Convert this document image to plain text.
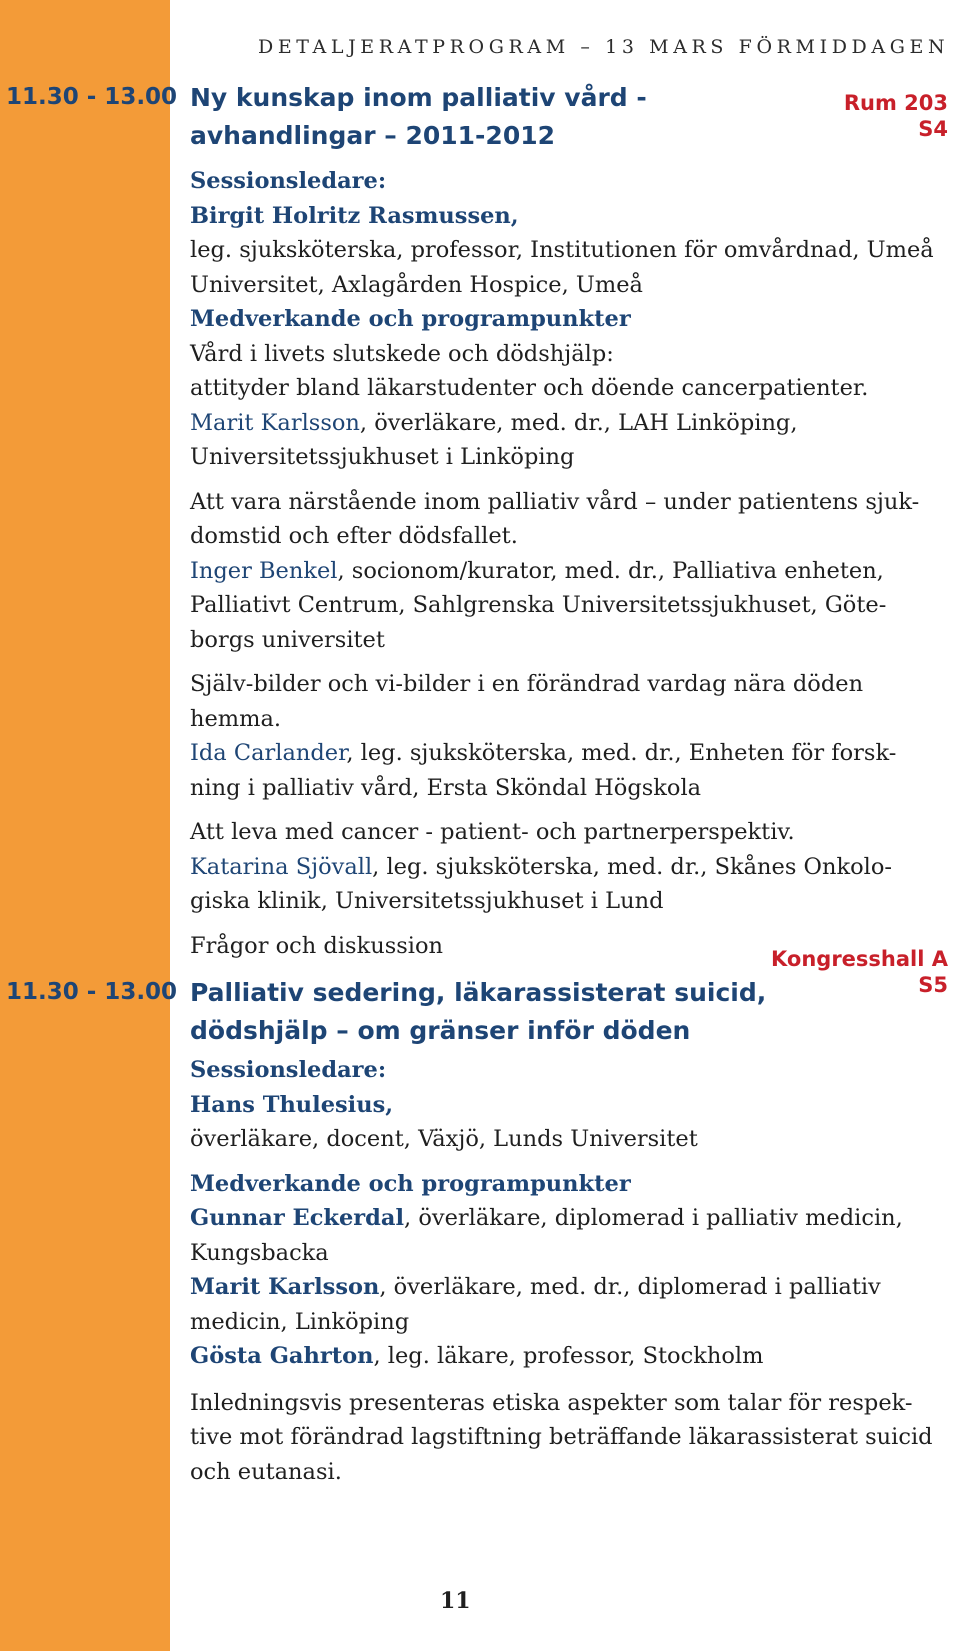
DETALJERATPROGRAM – 13 MARS FÖRMIDDAGEN
11.30 - 13.00 Ny kunskap inom palliativ vård -
avhandlingar – 2011-2012
Rum 203
S4
Sessionsledare:
Birgit Holritz Rasmussen,
leg. sjuksköterska, professor, Institutionen för omvårdnad, Umeå
Universitet, Axlagården Hospice, Umeå
Medverkande och programpunkter
Vård i livets slutskede och dödshjälp:
attityder bland läkarstudenter och döende cancerpatienter.
Marit Karlsson, överläkare, med. dr., LAH Linköping,
Universitetssjukhuset i Linköping
Att vara närstående inom palliativ vård – under patientens sjuk-
domstid och efter dödsfallet.
Inger Benkel, socionom/kurator, med. dr., Palliativa enheten,
Palliativt Centrum, Sahlgrenska Universitetssjukhuset, Göte-
borgs universitet
Själv-bilder och vi-bilder i en förändrad vardag nära döden
hemma.
Ida Carlander, leg. sjuksköterska, med. dr., Enheten för forsk-
ning i palliativ vård, Ersta Sköndal Högskola
Att leva med cancer - patient- och partnerperspektiv.
Katarina Sjövall, leg. sjuksköterska, med. dr., Skånes Onkolo-
giska klinik, Universitetssjukhuset i Lund
Frågor och diskussion
Kongresshall A
S5
11.30 - 13.00 Palliativ sedering, läkarassisterat suicid,
dödshjälp – om gränser inför döden
Sessionsledare:
Hans Thulesius,
överläkare, docent, Växjö, Lunds Universitet
Medverkande och programpunkter
Gunnar Eckerdal, överläkare, diplomerad i palliativ medicin,
Kungsbacka
Marit Karlsson, överläkare, med. dr., diplomerad i palliativ
medicin, Linköping
Gösta Gahrton, leg. läkare, professor, Stockholm
Inledningsvis presenteras etiska aspekter som talar för respek-
tive mot förändrad lagstiftning beträffande läkarassisterat suicid
och eutanasi.
11
